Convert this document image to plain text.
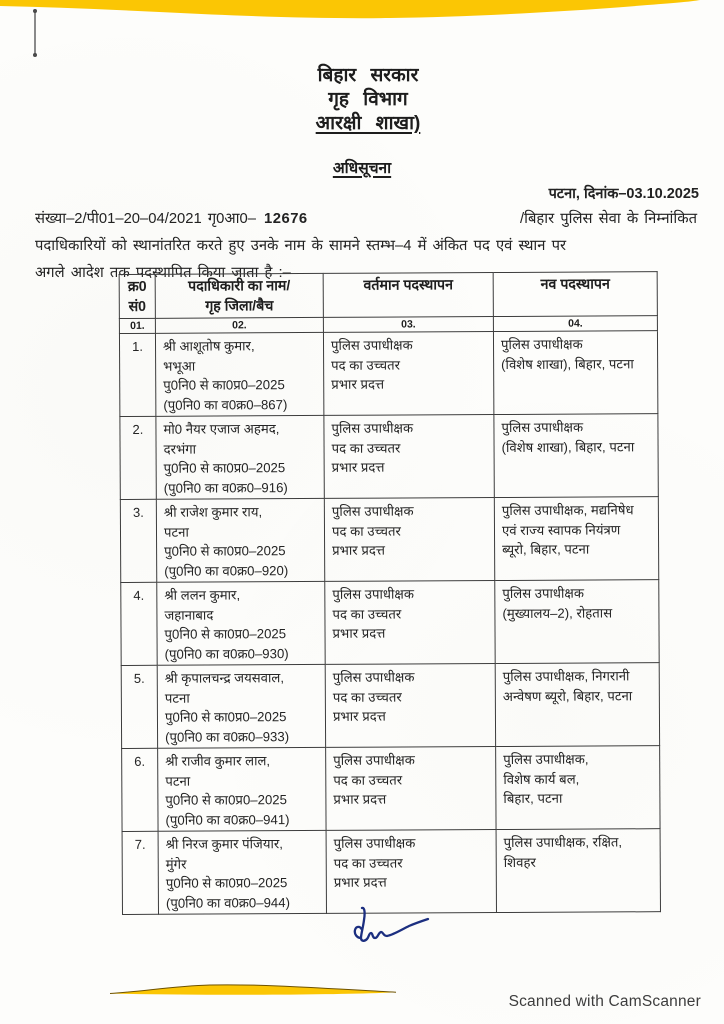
बिहार सरकार
गृह विभाग
आरक्षी शाखा)
अधिसूचना
पटना, दिनांक–03.10.2025
संख्या–2/पी01–20–04/2021 गृ0आ0– 12676	/बिहार पुलिस सेवा के निम्नांकित
पदाधिकारियों को स्थानांतरित करते हुए उनके नाम के सामने स्तम्भ–4 में अंकित पद एवं स्थान पर
अगले आदेश तक पदस्थापित किया जाता है :–
क्र0
सं0	पदाधिकारी का नाम/
गृह जिला/बैच	वर्तमान पदस्थापन	नव पदस्थापन
01.	02.	03.	04.
1.	श्री आशूतोष कुमार,
भभूआ
पु0नि0 से का0प्र0–2025
(पु0नि0 का व0क्र0–867)	पुलिस उपाधीक्षक
पद का उच्चतर
प्रभार प्रदत्त	पुलिस उपाधीक्षक
(विशेष शाखा), बिहार, पटना
2.	मो0 नैयर एजाज अहमद,
दरभंगा
पु0नि0 से का0प्र0–2025
(पु0नि0 का व0क्र0–916)	पुलिस उपाधीक्षक
पद का उच्चतर
प्रभार प्रदत्त	पुलिस उपाधीक्षक
(विशेष शाखा), बिहार, पटना
3.	श्री राजेश कुमार राय,
पटना
पु0नि0 से का0प्र0–2025
(पु0नि0 का व0क्र0–920)	पुलिस उपाधीक्षक
पद का उच्चतर
प्रभार प्रदत्त	पुलिस उपाधीक्षक, मद्यनिषेध
एवं राज्य स्वापक नियंत्रण
ब्यूरो, बिहार, पटना
4.	श्री ललन कुमार,
जहानाबाद
पु0नि0 से का0प्र0–2025
(पु0नि0 का व0क्र0–930)	पुलिस उपाधीक्षक
पद का उच्चतर
प्रभार प्रदत्त	पुलिस उपाधीक्षक
(मुख्यालय–2), रोहतास
5.	श्री कृपालचन्द्र जयसवाल,
पटना
पु0नि0 से का0प्र0–2025
(पु0नि0 का व0क्र0–933)	पुलिस उपाधीक्षक
पद का उच्चतर
प्रभार प्रदत्त	पुलिस उपाधीक्षक, निगरानी
अन्वेषण ब्यूरो, बिहार, पटना
6.	श्री राजीव कुमार लाल,
पटना
पु0नि0 से का0प्र0–2025
(पु0नि0 का व0क्र0–941)	पुलिस उपाधीक्षक
पद का उच्चतर
प्रभार प्रदत्त	पुलिस उपाधीक्षक,
विशेष कार्य बल,
बिहार, पटना
7.	श्री निरज कुमार पंजियार,
मुंगेर
पु0नि0 से का0प्र0–2025
(पु0नि0 का व0क्र0–944)	पुलिस उपाधीक्षक
पद का उच्चतर
प्रभार प्रदत्त	पुलिस उपाधीक्षक, रक्षित,
शिवहर
Scanned with CamScanner
